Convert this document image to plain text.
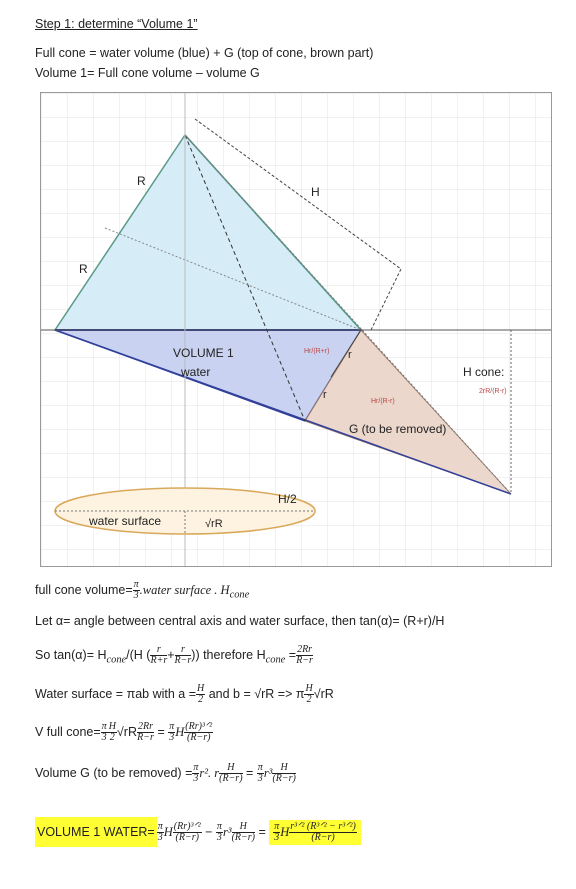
Step 1: determine “Volume 1”
Full cone = water volume (blue) + G (top of cone, brown part)
Volume 1= Full cone volume – volume G
R
R
H
VOLUME 1
water
Hr/(R+r) r
r
Hr/(R-r)
G (to be removed)
H cone:
2rR/(R-r)
H/2
water surface	√rR
full cone volume= $\frac{\pi}{3}$ .water surface . $H_{cone}$
Let α= angle between central axis and water surface, then tan(α)= (R+r)/H
So $\tan(\alpha)= H_{cone}/(H$ ( $\frac{r}{R+r} + \frac{r}{R-r}$ )) therefore $H_{cone} = \frac{2Rr}{R-r}$
Water surface = πab with $a = \frac{H}{2}$ and b = √rR => π $\frac{H}{2} √rR$
V full cone= $\frac{\pi}{3} \frac{H}{2} √rR \frac{2Rr}{R-r} = \frac{\pi}{3}$ H $\frac{\text{(Rr)³ᐟ²}}{(R-r)}$
Volume G (to be removed) = $\frac{\pi}{3} r^2$. r $\frac{H}{(R-r)} = \frac{\pi}{3} r^3 \frac{H}{(R-r)}$
VOLUME 1 WATER= $\frac{\pi}{3}$ H $\frac{\text{(Rr)³ᐟ²}}{(R-r)} - \frac{\pi}{3} r^3 \frac{H}{(R-r)} = \frac{\pi}{3}$ H $\frac{\text{r³ᐟ² (R³ᐟ² − r³ᐟ²)}}{(R-r)}$
